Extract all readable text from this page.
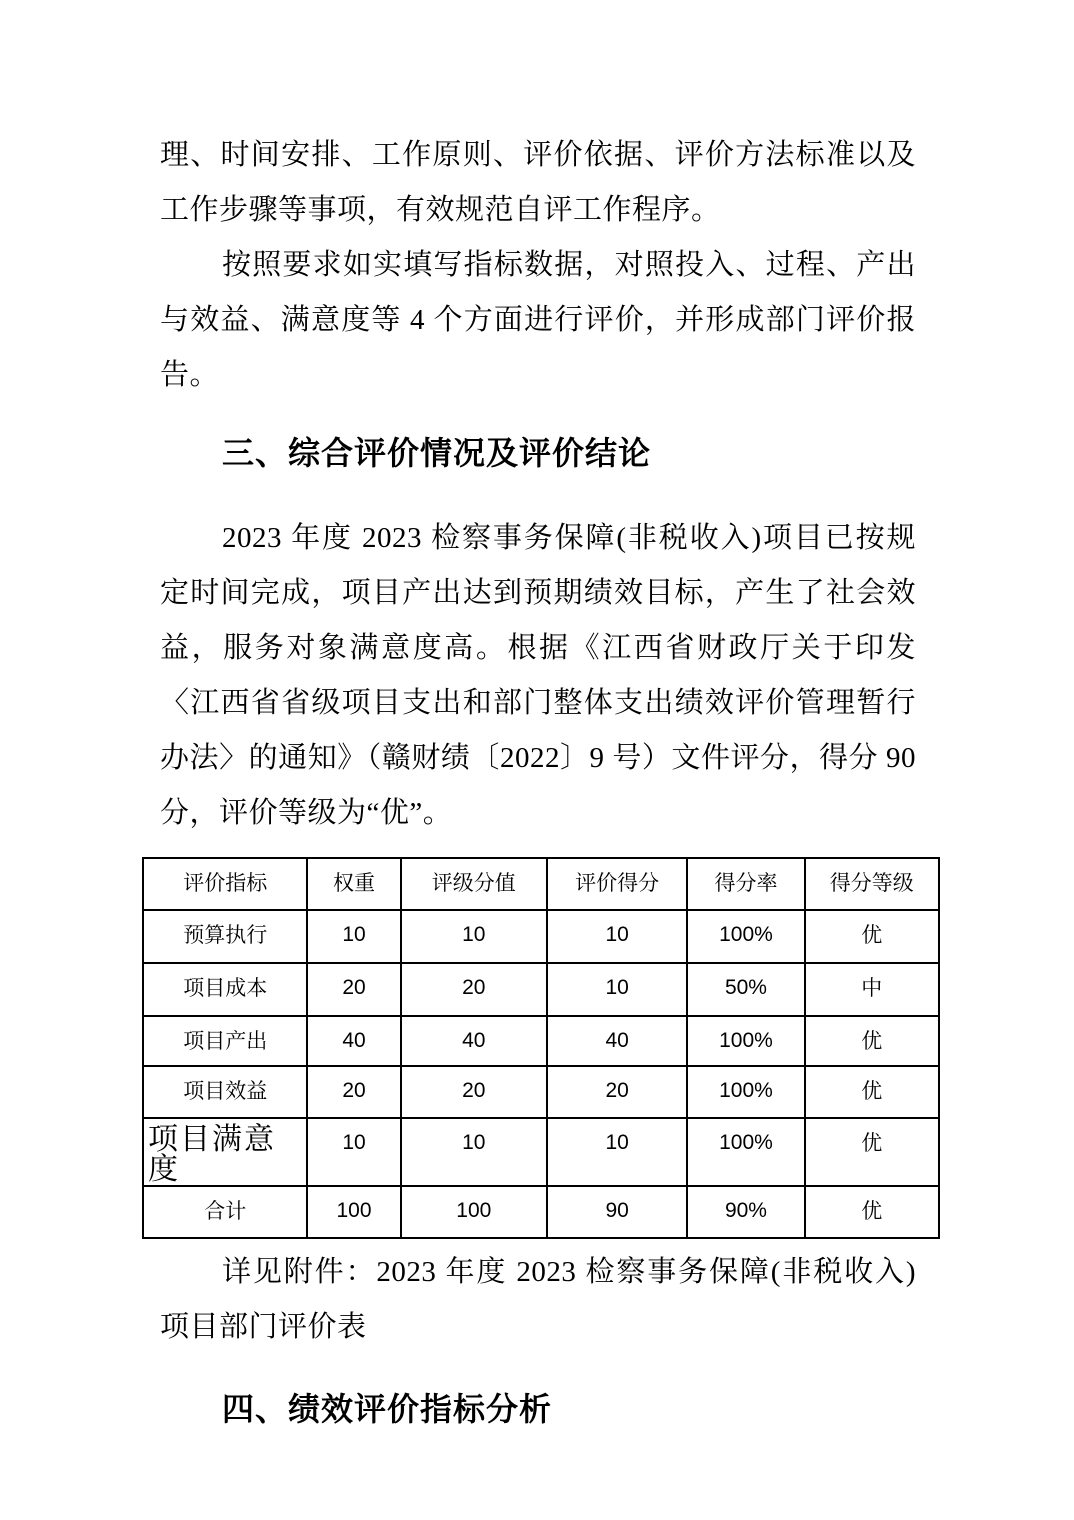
理、时间安排、工作原则、评价依据、评价方法标准以及工作步骤等事项，有效规范自评工作程序。

按照要求如实填写指标数据，对照投入、过程、产出与效益、满意度等 4 个方面进行评价，并形成部门评价报告。

三、综合评价情况及评价结论

2023 年度 2023 检察事务保障(非税收入)项目已按规定时间完成，项目产出达到预期绩效目标，产生了社会效益，服务对象满意度高。根据《江西省财政厅关于印发〈江西省省级项目支出和部门整体支出绩效评价管理暂行办法〉的通知》（赣财绩〔2022〕9 号）文件评分，得分 90 分，评价等级为“优”。

评价指标	权重	评级分值	评价得分	得分率	得分等级
预算执行	10	10	10	100%	优
项目成本	20	20	10	50%	中
项目产出	40	40	40	100%	优
项目效益	20	20	20	100%	优
项目满意度	10	10	10	100%	优
合计	100	100	90	90%	优

详见附件：2023 年度 2023 检察事务保障(非税收入)项目部门评价表

四、绩效评价指标分析
